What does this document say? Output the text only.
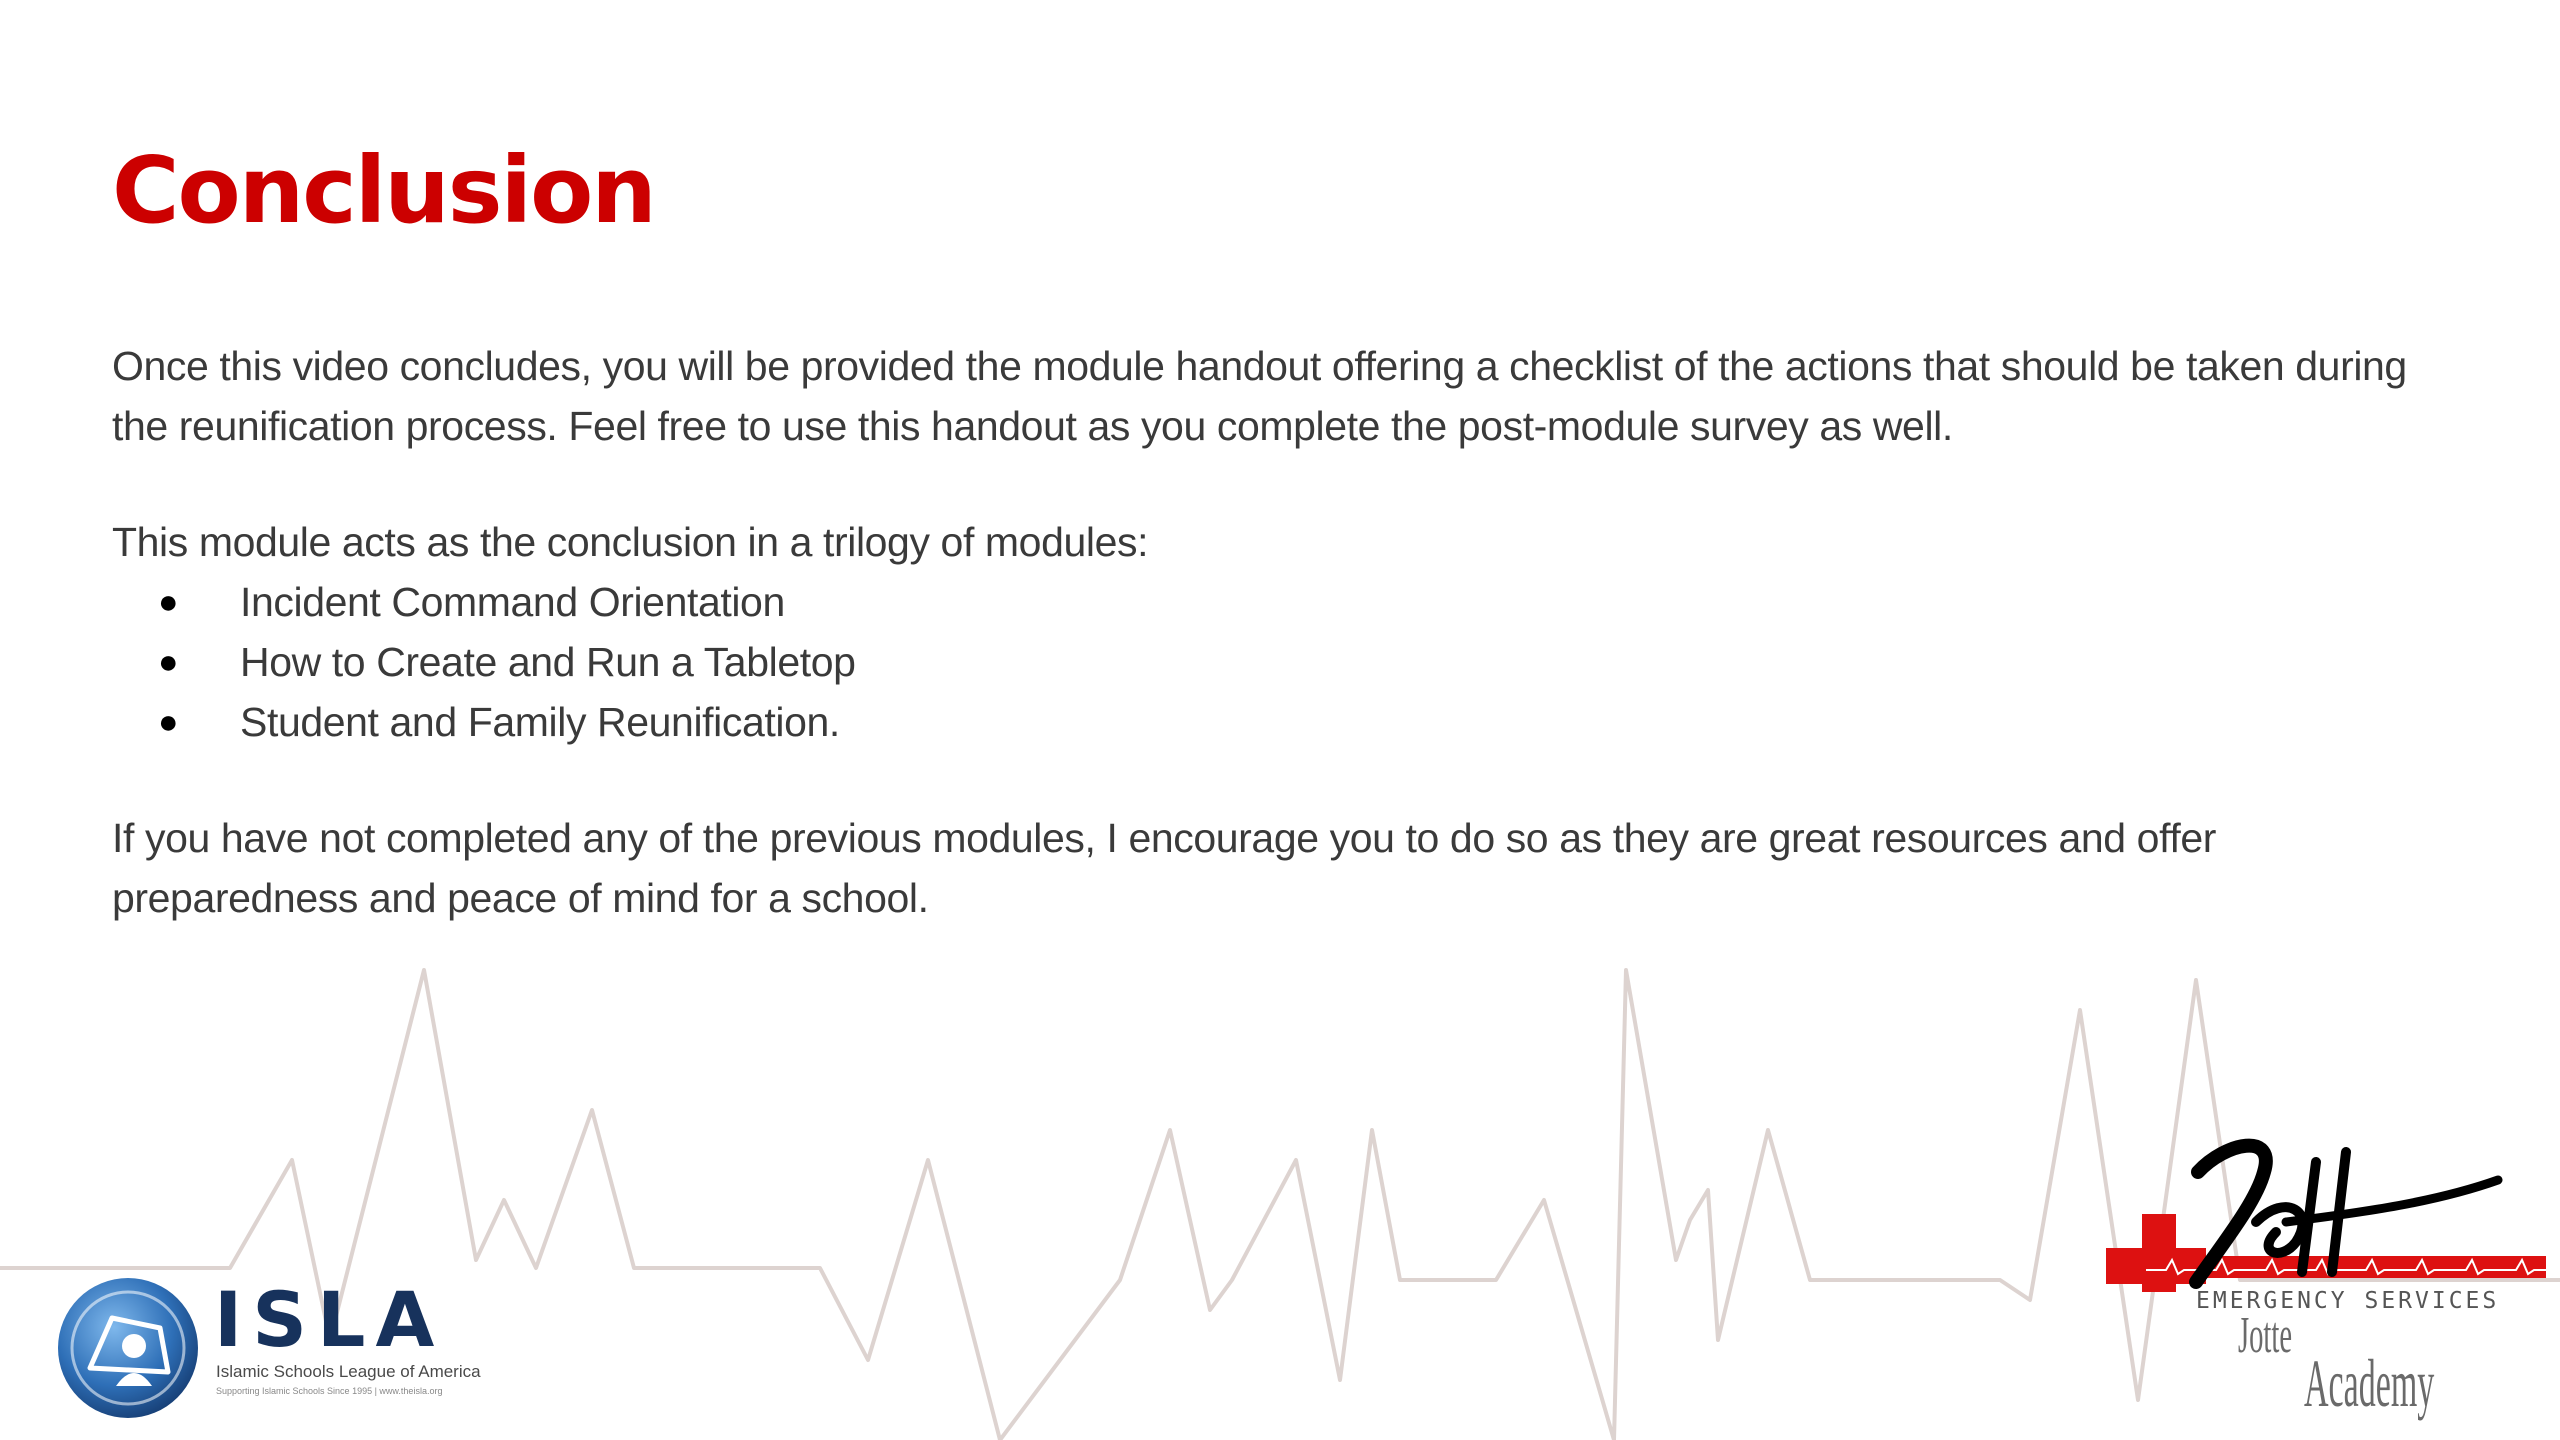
Conclusion

Once this video concludes, you will be provided the module handout offering a checklist of the actions that should be taken during the reunification process. Feel free to use this handout as you complete the post-module survey as well.

This module acts as the conclusion in a trilogy of modules:

● Incident Command Orientation
● How to Create and Run a Tabletop
● Student and Family Reunification.

If you have not completed any of the previous modules, I encourage you to do so as they are great resources and offer preparedness and peace of mind for a school.

ISLA
Islamic Schools League of America
Supporting Islamic Schools Since 1995 | www.theisla.org
EMERGENCY SERVICES
Jotte
Academy
